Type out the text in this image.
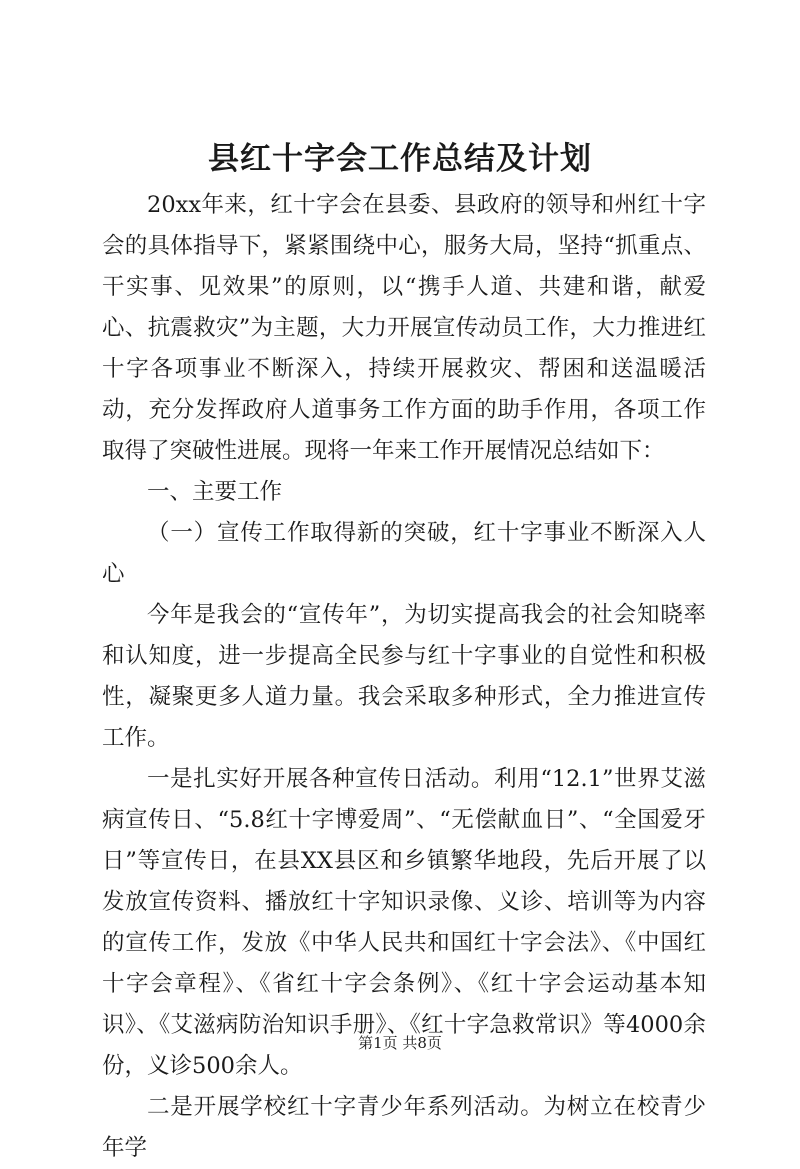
县红十字会工作总结及计划

20xx年来，红十字会在县委、县政府的领导和州红十字会的具体指导下，紧紧围绕中心，服务大局，坚持“抓重点、干实事、见效果”的原则，以“携手人道、共建和谐，献爱心、抗震救灾”为主题，大力开展宣传动员工作，大力推进红十字各项事业不断深入，持续开展救灾、帮困和送温暖活动，充分发挥政府人道事务工作方面的助手作用，各项工作取得了突破性进展。现将一年来工作开展情况总结如下：

一、主要工作

（一）宣传工作取得新的突破，红十字事业不断深入人心

今年是我会的“宣传年”，为切实提高我会的社会知晓率和认知度，进一步提高全民参与红十字事业的自觉性和积极性，凝聚更多人道力量。我会采取多种形式，全力推进宣传工作。

一是扎实好开展各种宣传日活动。利用“12.1”世界艾滋病宣传日、“5.8红十字博爱周”、“无偿献血日”、“全国爱牙日”等宣传日，在县XX县区和乡镇繁华地段，先后开展了以发放宣传资料、播放红十字知识录像、义诊、培训等为内容的宣传工作，发放《中华人民共和国红十字会法》、《中国红十字会章程》、《省红十字会条例》、《红十字会运动基本知识》、《艾滋病防治知识手册》、《红十字急救常识》等4000余份，义诊500余人。

二是开展学校红十字青少年系列活动。为树立在校青少年学

第1页 共8页
